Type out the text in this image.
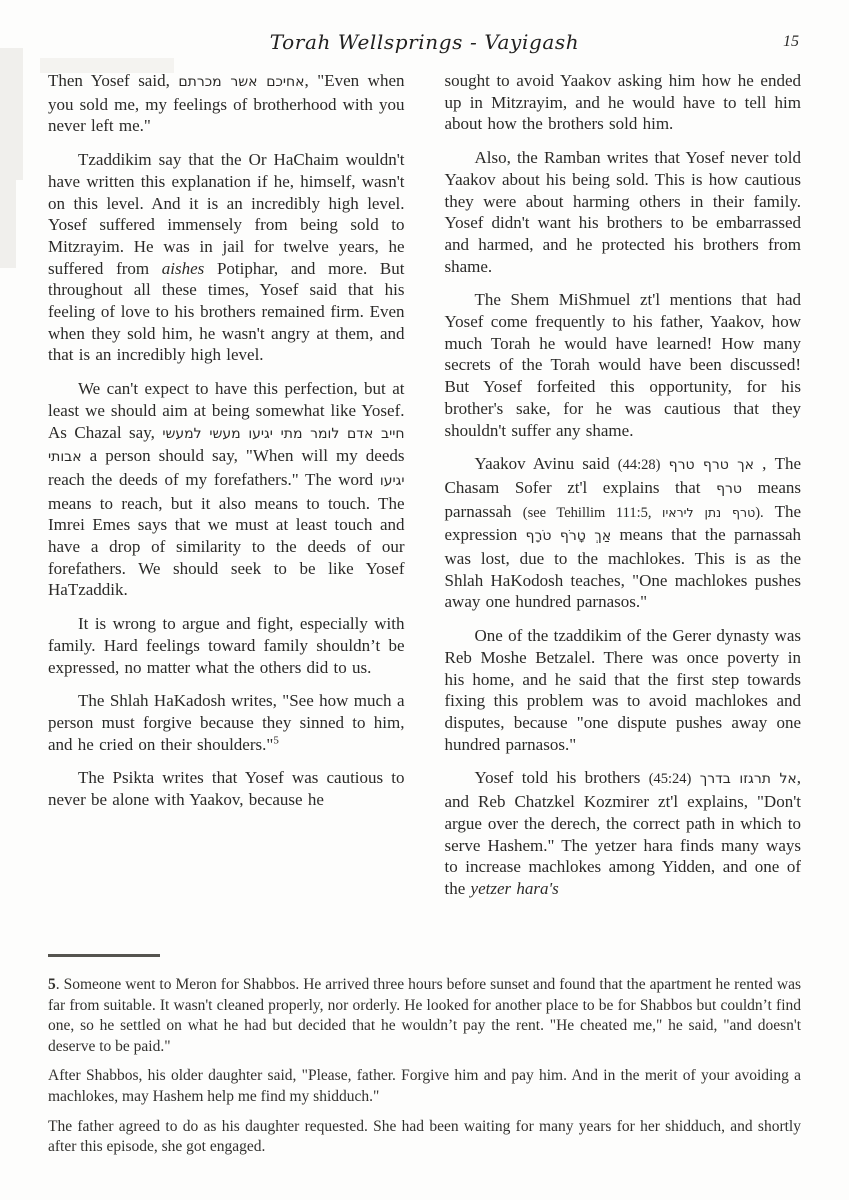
Torah Wellsprings - Vayigash	15

Then Yosef said, אחיכם אשר מכרתם, "Even when you sold me, my feelings of brotherhood with you never left me."

Tzaddikim say that the Or HaChaim wouldn't have written this explanation if he, himself, wasn't on this level. And it is an incredibly high level. Yosef suffered immensely from being sold to Mitzrayim. He was in jail for twelve years, he suffered from aishes Potiphar, and more. But throughout all these times, Yosef said that his feeling of love to his brothers remained firm. Even when they sold him, he wasn't angry at them, and that is an incredibly high level.

We can't expect to have this perfection, but at least we should aim at being somewhat like Yosef. As Chazal say, חייב אדם לומר מתי יגיעו מעשי למעשי אבותי a person should say, "When will my deeds reach the deeds of my forefathers." The word יגיעו means to reach, but it also means to touch. The Imrei Emes says that we must at least touch and have a drop of similarity to the deeds of our forefathers. We should seek to be like Yosef HaTzaddik.

It is wrong to argue and fight, especially with family. Hard feelings toward family shouldn’t be expressed, no matter what the others did to us.

The Shlah HaKadosh writes, "See how much a person must forgive because they sinned to him, and he cried on their shoulders."$^5$

The Psikta writes that Yosef was cautious to never be alone with Yaakov, because he

sought to avoid Yaakov asking him how he ended up in Mitzrayim, and he would have to tell him about how the brothers sold him.

Also, the Ramban writes that Yosef never told Yaakov about his being sold. This is how cautious they were about harming others in their family. Yosef didn't want his brothers to be embarrassed and harmed, and he protected his brothers from shame.

The Shem MiShmuel zt'l mentions that had Yosef come frequently to his father, Yaakov, how much Torah he would have learned! How many secrets of the Torah would have been discussed! But Yosef forfeited this opportunity, for his brother's sake, for he was cautious that they shouldn't suffer any shame.

Yaakov Avinu said (44:28) אך טרף טרף , The Chasam Sofer zt'l explains that טרף means parnassah (see Tehillim 111:5, טרף נתן ליראיו). The expression אַךְ טָרֹף טֹרָף means that the parnassah was lost, due to the machlokes. This is as the Shlah HaKodosh teaches, "One machlokes pushes away one hundred parnasos."

One of the tzaddikim of the Gerer dynasty was Reb Moshe Betzalel. There was once poverty in his home, and he said that the first step towards fixing this problem was to avoid machlokes and disputes, because "one dispute pushes away one hundred parnasos."

Yosef told his brothers (45:24) אל תרגזו בדרך, and Reb Chatzkel Kozmirer zt'l explains, "Don't argue over the derech, the correct path in which to serve Hashem." The yetzer hara finds many ways to increase machlokes among Yidden, and one of the yetzer hara's

5. Someone went to Meron for Shabbos. He arrived three hours before sunset and found that the apartment he rented was far from suitable. It wasn't cleaned properly, nor orderly. He looked for another place to be for Shabbos but couldn’t find one, so he settled on what he had but decided that he wouldn’t pay the rent. "He cheated me," he said, "and doesn't deserve to be paid."

After Shabbos, his older daughter said, "Please, father. Forgive him and pay him. And in the merit of your avoiding a machlokes, may Hashem help me find my shidduch."

The father agreed to do as his daughter requested. She had been waiting for many years for her shidduch, and shortly after this episode, she got engaged.
